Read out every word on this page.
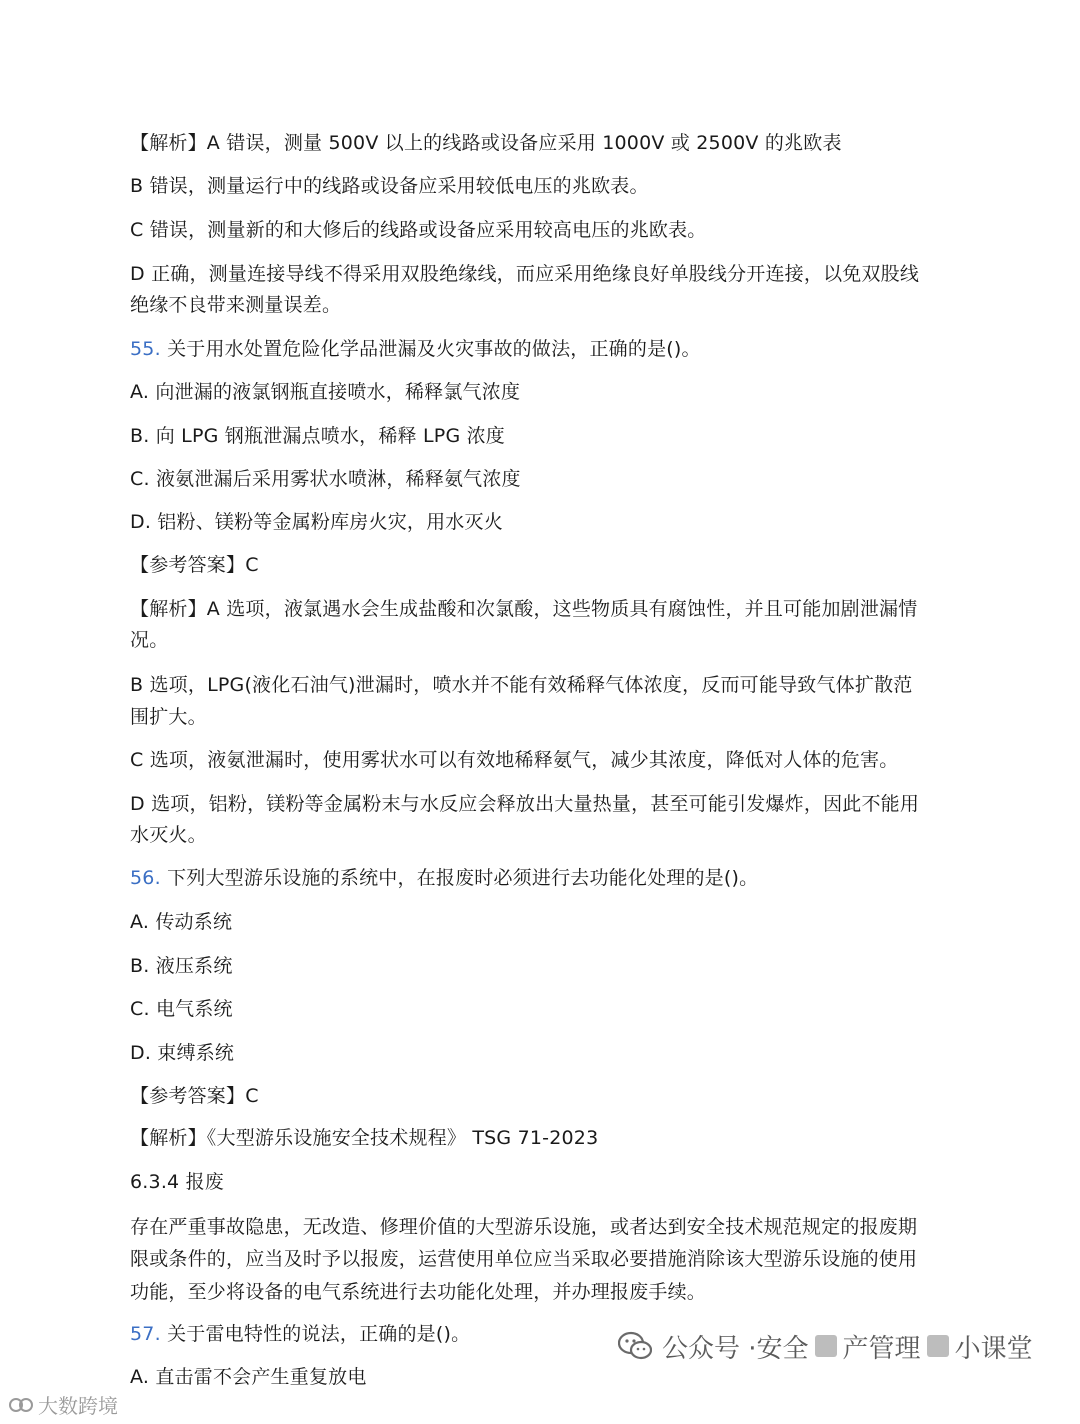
【解析】A 错误，测量 500V 以上的线路或设备应采用 1000V 或 2500V 的兆欧表
B 错误，测量运行中的线路或设备应采用较低电压的兆欧表。
C 错误，测量新的和大修后的线路或设备应采用较高电压的兆欧表。
D 正确，测量连接导线不得采用双股绝缘线，而应采用绝缘良好单股线分开连接，以免双股线
绝缘不良带来测量误差。
55. 关于用水处置危险化学品泄漏及火灾事故的做法，正确的是()。
A. 向泄漏的液氯钢瓶直接喷水，稀释氯气浓度
B. 向 LPG 钢瓶泄漏点喷水，稀释 LPG 浓度
C. 液氨泄漏后采用雾状水喷淋，稀释氨气浓度
D. 铝粉、镁粉等金属粉库房火灾，用水灭火
【参考答案】C
【解析】A 选项，液氯遇水会生成盐酸和次氯酸，这些物质具有腐蚀性，并且可能加剧泄漏情
况。
B 选项，LPG(液化石油气)泄漏时，喷水并不能有效稀释气体浓度，反而可能导致气体扩散范
围扩大。
C 选项，液氨泄漏时，使用雾状水可以有效地稀释氨气，减少其浓度，降低对人体的危害。
D 选项，铝粉，镁粉等金属粉末与水反应会释放出大量热量，甚至可能引发爆炸，因此不能用
水灭火。
56. 下列大型游乐设施的系统中，在报废时必须进行去功能化处理的是()。
A. 传动系统
B. 液压系统
C. 电气系统
D. 束缚系统
【参考答案】C
【解析】《大型游乐设施安全技术规程》 TSG 71-2023
6.3.4 报废
存在严重事故隐患，无改造、修理价值的大型游乐设施，或者达到安全技术规范规定的报废期
限或条件的，应当及时予以报废，运营使用单位应当采取必要措施消除该大型游乐设施的使用
功能，至少将设备的电气系统进行去功能化处理，并办理报废手续。
57. 关于雷电特性的说法，正确的是()。
A. 直击雷不会产生重复放电
公众号 · 安全 产管理 小课堂
大数跨境
